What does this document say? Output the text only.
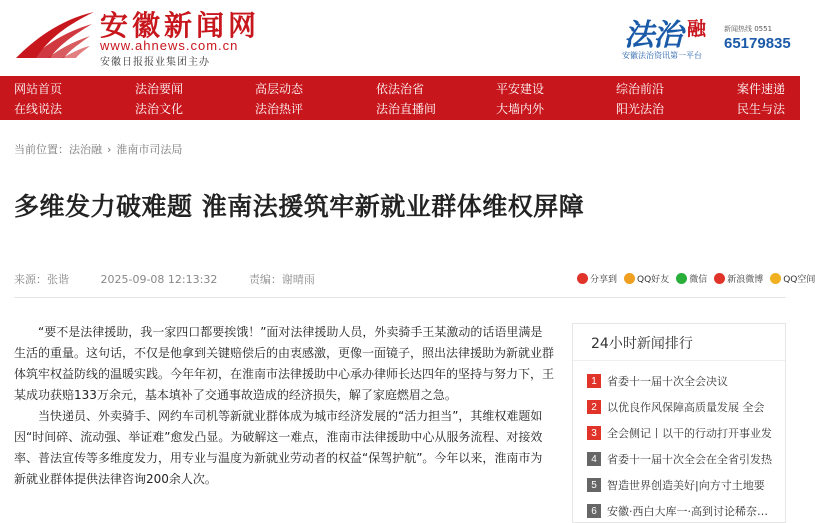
安徽新闻网
www.ahnews.com.cn
安徽日报报业集团主办
法治 融
安徽法治资讯第一平台
新闻热线 0551
65179835
网站首页	法治要闻	高层动态	依法治省	平安建设	综治前沿	案件速递
在线说法	法治文化	法治热评	法治直播间	大墙内外	阳光法治	民生与法
当前位置：法治融 › 淮南市司法局
多维发力破难题 淮南法援筑牢新就业群体维权屏障
来源：张谐	2025-09-08 12:13:32	责编：谢晴雨	分享到 QQ好友 微信 新浪微博 QQ空间

“要不是法律援助，我一家四口都要挨饿！”面对法律援助人员，外卖骑手王某激动的话语里满是生活的重量。这句话，不仅是他拿到关键赔偿后的由衷感激，更像一面镜子，照出法律援助为新就业群体筑牢权益防线的温暖实践。今年年初，在淮南市法律援助中心承办律师长达四年的坚持与努力下，王某成功获赔133万余元，基本填补了交通事故造成的经济损失，解了家庭燃眉之急。

当快递员、外卖骑手、网约车司机等新就业群体成为城市经济发展的“活力担当”，其维权难题如因“时间碎、流动强、举证难”愈发凸显。为破解这一难点，淮南市法律援助中心从服务流程、对接效率、普法宣传等多维度发力，用专业与温度为新就业劳动者的权益“保驾护航”。今年以来，淮南市为新就业群体提供法律咨询200余人次。

24小时新闻排行
1 省委十一届十次全会决议
2 以优良作风保障高质量发展 全会
3 全会侧记丨以干的行动打开事业发
4 省委十一届十次全会在全省引发热
5 智造世界创造美好|向方寸土地要
6 安徽·西白大库一·高到讨论稀奈…
